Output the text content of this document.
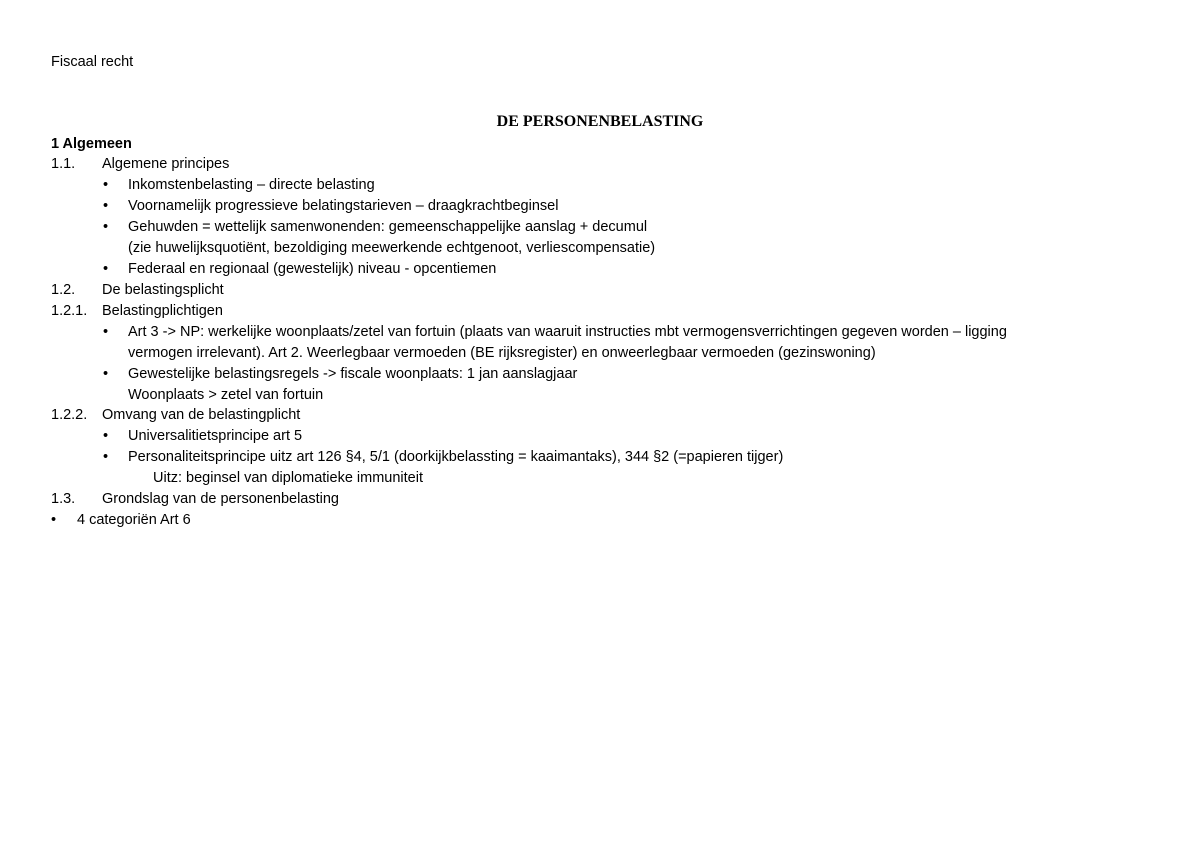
Fiscaal recht
DE PERSONENBELASTING
1 Algemeen
1.1. Algemene principes
• Inkomstenbelasting – directe belasting
• Voornamelijk progressieve belatingstarieven – draagkrachtbeginsel
• Gehuwden = wettelijk samenwonenden: gemeenschappelijke aanslag + decumul
(zie huwelijksquotiënt, bezoldiging meewerkende echtgenoot, verliescompensatie)
• Federaal en regionaal (gewestelijk) niveau - opcentiemen
1.2. De belastingsplicht
1.2.1. Belastingplichtigen
• Art 3 -> NP: werkelijke woonplaats/zetel van fortuin (plaats van waaruit instructies mbt vermogensverrichtingen gegeven worden – ligging
vermogen irrelevant). Art 2. Weerlegbaar vermoeden (BE rijksregister) en onweerlegbaar vermoeden (gezinswoning)
• Gewestelijke belastingsregels -> fiscale woonplaats: 1 jan aanslagjaar
Woonplaats > zetel van fortuin
1.2.2. Omvang van de belastingplicht
• Universalitietsprincipe art 5
• Personaliteitsprincipe uitz art 126 §4, 5/1 (doorkijkbelassting = kaaimantaks), 344 §2 (=papieren tijger)
Uitz: beginsel van diplomatieke immuniteit
1.3. Grondslag van de personenbelasting
• 4 categoriën Art 6
